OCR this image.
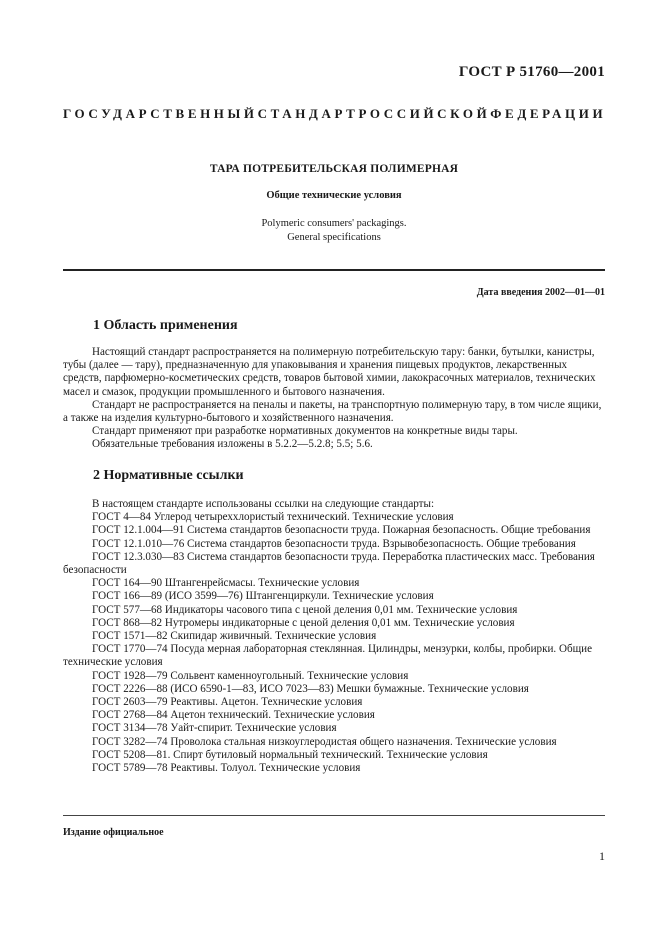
ГОСТ Р 51760—2001
ГОСУДАРСТВЕННЫЙ СТАНДАРТ РОССИЙСКОЙ ФЕДЕРАЦИИ
ТАРА ПОТРЕБИТЕЛЬСКАЯ ПОЛИМЕРНАЯ
Общие технические условия
Polymeric consumers' packagings.
General specifications
Дата введения 2002—01—01
1 Область применения

Настоящий стандарт распространяется на полимерную потребительскую тару: банки, бутылки, канистры, тубы (далее — тару), предназначенную для упаковывания и хранения пищевых продуктов, лекарственных средств, парфюмерно-косметических средств, товаров бытовой химии, лакокрасочных материалов, технических масел и смазок, продукции промышленного и бытового назначения.

Стандарт не распространяется на пеналы и пакеты, на транспортную полимерную тару, в том числе ящики, а также на изделия культурно-бытового и хозяйственного назначения.

Стандарт применяют при разработке нормативных документов на конкретные виды тары.

Обязательные требования изложены в 5.2.2—5.2.8; 5.5; 5.6.

2 Нормативные ссылки

В настоящем стандарте использованы ссылки на следующие стандарты:

ГОСТ 4—84 Углерод четыреххлористый технический. Технические условия

ГОСТ 12.1.004—91 Система стандартов безопасности труда. Пожарная безопасность. Общие требования

ГОСТ 12.1.010—76 Система стандартов безопасности труда. Взрывобезопасность. Общие требования

ГОСТ 12.3.030—83 Система стандартов безопасности труда. Переработка пластических масс. Требования безопасности

ГОСТ 164—90 Штангенрейсмасы. Технические условия

ГОСТ 166—89 (ИСО 3599—76) Штангенциркули. Технические условия

ГОСТ 577—68 Индикаторы часового типа с ценой деления 0,01 мм. Технические условия

ГОСТ 868—82 Нутромеры индикаторные с ценой деления 0,01 мм. Технические условия

ГОСТ 1571—82 Скипидар живичный. Технические условия

ГОСТ 1770—74 Посуда мерная лабораторная стеклянная. Цилиндры, мензурки, колбы, пробирки. Общие технические условия

ГОСТ 1928—79 Сольвент каменноугольный. Технические условия

ГОСТ 2226—88 (ИСО 6590-1—83, ИСО 7023—83) Мешки бумажные. Технические условия

ГОСТ 2603—79 Реактивы. Ацетон. Технические условия

ГОСТ 2768—84 Ацетон технический. Технические условия

ГОСТ 3134—78 Уайт-спирит. Технические условия

ГОСТ 3282—74 Проволока стальная низкоуглеродистая общего назначения. Технические условия

ГОСТ 5208—81. Спирт бутиловый нормальный технический. Технические условия

ГОСТ 5789—78 Реактивы. Толуол. Технические условия

Издание официальное
1
